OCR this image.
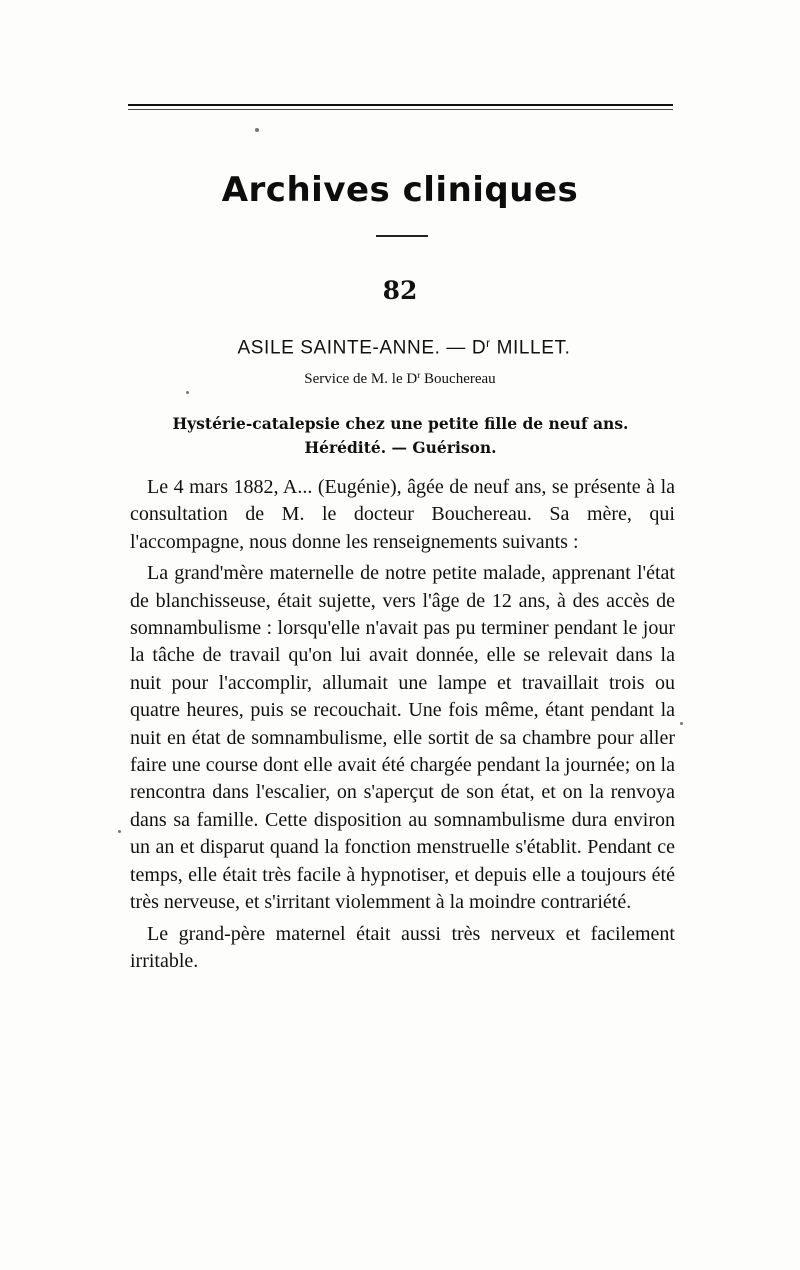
Archives cliniques
82
ASILE SAINTE-ANNE. — $D^r$ MILLET.
Service de M. le $D^r$ Bouchereau
Hystérie-catalepsie chez une petite fille de neuf ans.
Hérédité. — Guérison.

Le 4 mars 1882, A... (Eugénie), âgée de neuf ans, se présente à la consultation de M. le docteur Bouchereau. Sa mère, qui l'accompagne, nous donne les renseignements suivants :

La grand'mère maternelle de notre petite malade, apprenant l'état de blanchisseuse, était sujette, vers l'âge de 12 ans, à des accès de somnambulisme : lorsqu'elle n'avait pas pu terminer pendant le jour la tâche de travail qu'on lui avait donnée, elle se relevait dans la nuit pour l'accomplir, allumait une lampe et travaillait trois ou quatre heures, puis se recouchait. Une fois même, étant pendant la nuit en état de somnambulisme, elle sortit de sa chambre pour aller faire une course dont elle avait été chargée pendant la journée; on la rencontra dans l'escalier, on s'aperçut de son état, et on la renvoya dans sa famille. Cette disposition au somnambulisme dura environ un an et disparut quand la fonction menstruelle s'établit. Pendant ce temps, elle était très facile à hypnotiser, et depuis elle a toujours été très nerveuse, et s'irritant violemment à la moindre contrariété.

Le grand-père maternel était aussi très nerveux et facilement irritable.
